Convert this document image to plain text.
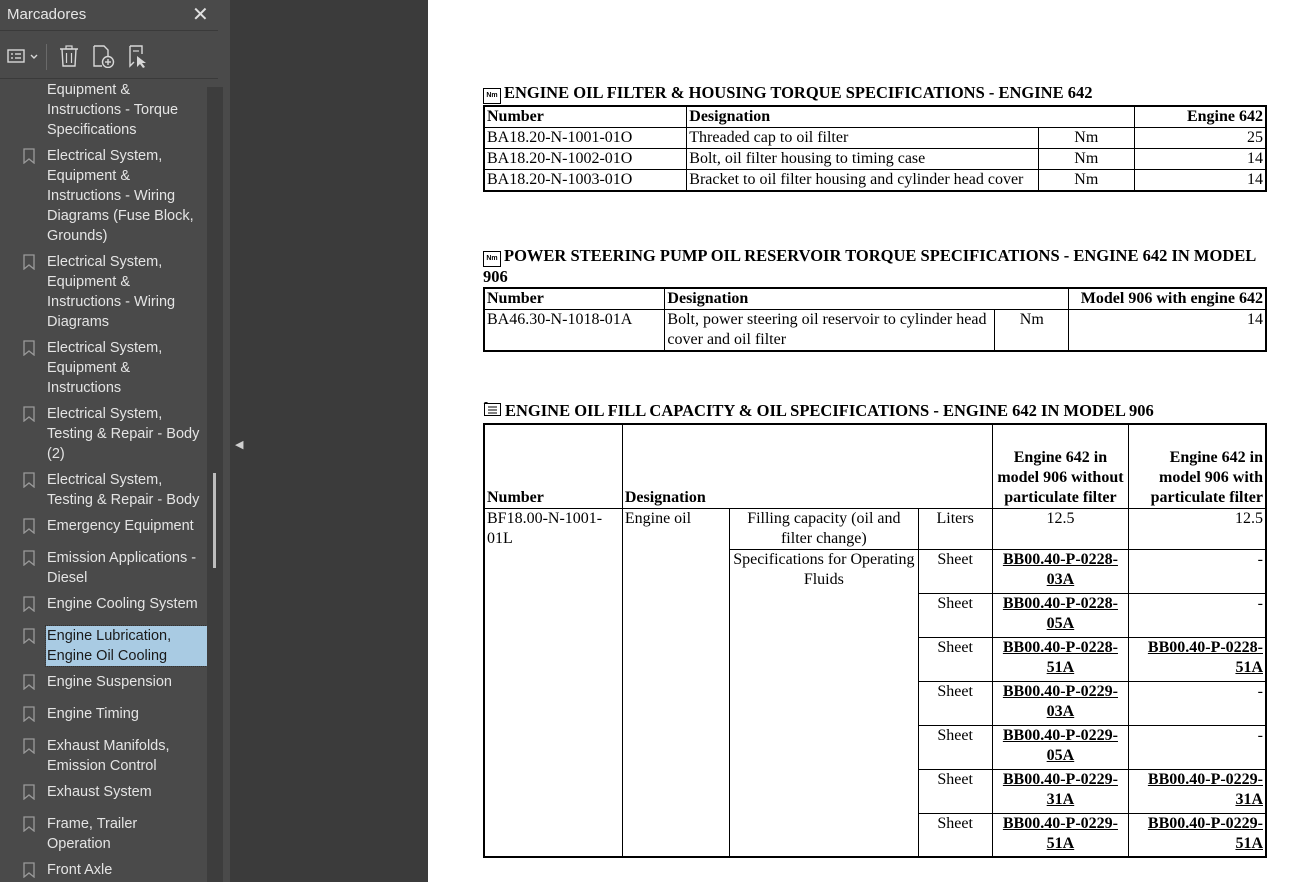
Marcadores	✕
Equipment &
Instructions - Torque
Specifications
Electrical System,
Equipment &
Instructions - Wiring
Diagrams (Fuse Block,
Grounds)
Electrical System,
Equipment &
Instructions - Wiring
Diagrams
Electrical System,
Equipment &
Instructions
Electrical System,
Testing & Repair - Body
(2)
Electrical System,
Testing & Repair - Body
Emergency Equipment
Emission Applications -
Diesel
Engine Cooling System
Engine Lubrication,
Engine Oil Cooling
Engine Suspension
Engine Timing
Exhaust Manifolds,
Emission Control
Exhaust System
Frame, Trailer
Operation
Front Axle
◀
Nm ENGINE OIL FILTER & HOUSING TORQUE SPECIFICATIONS - ENGINE 642
Number	Designation		Engine 642
BA18.20-N-1001-01O	Threaded cap to oil filter	Nm	25
BA18.20-N-1002-01O	Bolt, oil filter housing to timing case	Nm	14
BA18.20-N-1003-01O	Bracket to oil filter housing and cylinder head cover	Nm	14
Nm POWER STEERING PUMP OIL RESERVOIR TORQUE SPECIFICATIONS - ENGINE 642 IN MODEL 906
Number	Designation		Model 906 with engine 642
BA46.30-N-1018-01A	Bolt, power steering oil reservoir to cylinder head cover and oil filter	Nm	14
ENGINE OIL FILL CAPACITY & OIL SPECIFICATIONS - ENGINE 642 IN MODEL 906
Number	Designation			Engine 642 in model 906 without particulate filter	Engine 642 in model 906 with particulate filter
BF18.00-N-1001-01L	Engine oil	Filling capacity (oil and filter change)	Liters	12.5	12.5
		Specifications for Operating Fluids	Sheet	BB00.40-P-0228-03A	-
			Sheet	BB00.40-P-0228-05A	-
			Sheet	BB00.40-P-0228-51A	BB00.40-P-0228-51A
			Sheet	BB00.40-P-0229-03A	-
			Sheet	BB00.40-P-0229-05A	-
			Sheet	BB00.40-P-0229-31A	BB00.40-P-0229-31A
			Sheet	BB00.40-P-0229-51A	BB00.40-P-0229-51A
